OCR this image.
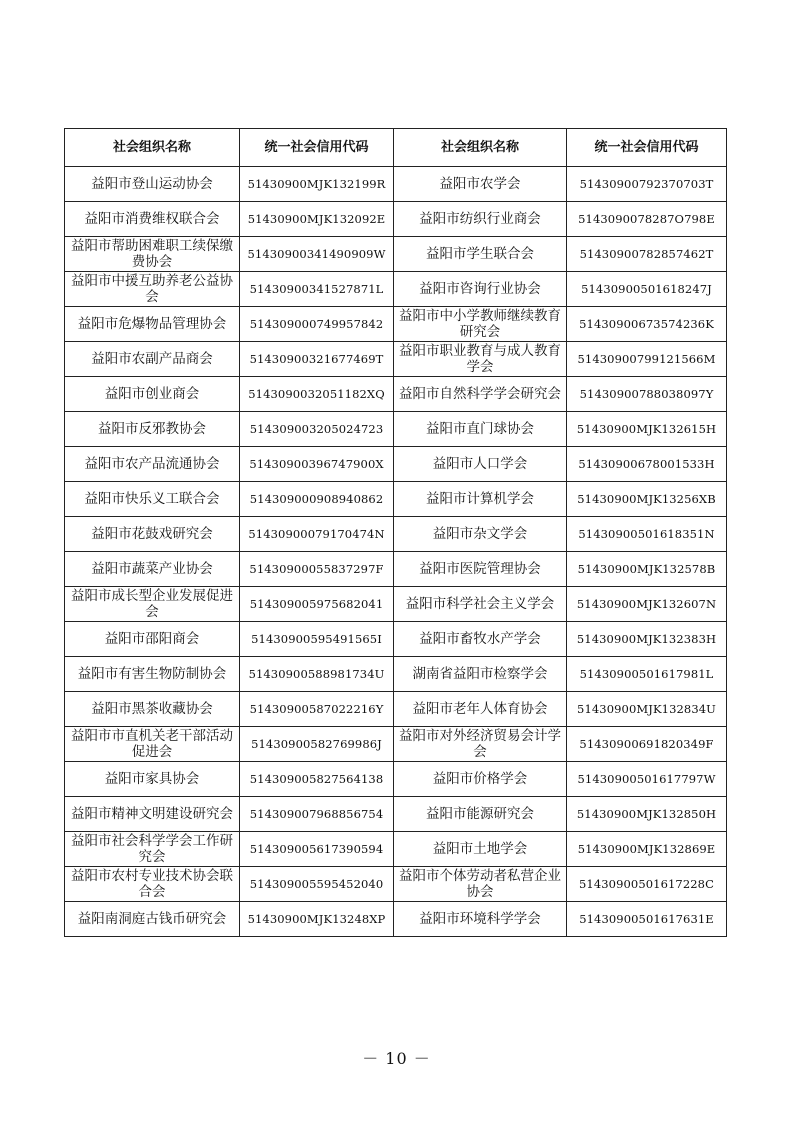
社会组织名称	统一社会信用代码	社会组织名称	统一社会信用代码
益阳市登山运动协会	51430900MJK132199R	益阳市农学会	51430900792370703T
益阳市消费维权联合会	51430900MJK132092E	益阳市纺织行业商会	5143090078287O798E
益阳市帮助困难职工续保缴费协会	51430900341490909W	益阳市学生联合会	51430900782857462T
益阳市中援互助养老公益协会	514309003415278​71L	益阳市咨询行业协会	51430900501618247J
益阳市危爆物品管理协会	51430900074995784​2	益阳市中小学教师继续教育研究会	51430900673574236K
益阳市农副产品商会	51430900321677469T	益阳市职业教育与成人教育学会	51430900799121566M
益阳市创业商会	5143090032051182XQ	益阳市自然科学学会研究会	51430900788038097Y
益阳市反邪教协会	514309003205024723	益阳市直门球协会	51430900MJK132615H
益阳市农产品流通协会	51430900396747900X	益阳市人口学会	51430900678001533H
益阳市快乐义工联合会	514309000908940862	益阳市计算机学会	51430900MJK13256XB
益阳市花鼓戏研究会	51430900079170474N	益阳市杂文学会	51430900501618351N
益阳市蔬菜产业协会	51430900055837297F	益阳市医院管理协会	51430900MJK132578B
益阳市成长型企业发展促进会	514309005975682041	益阳市科学社会主义学会	51430900MJK132607N
益阳市邵阳商会	51430900595491565I	益阳市畜牧水产学会	51430900MJK132383H
益阳市有害生物防制协会	51430900588981734U	湖南省益阳市检察学会	51430900501617981L
益阳市黑茶收藏协会	51430900587022216Y	益阳市老年人体育协会	51430900MJK132834U
益阳市市直机关老干部活动促进会	51430900582769986J	益阳市对外经济贸易会计学会	51430900691820349F
益阳市家具协会	514309005827564138	益阳市价格学会	51430900501617797W
益阳市精神文明建设研究会	514309007968856754	益阳市能源研究会	51430900MJK132850H
益阳市社会科学学会工作研究会	514309005617390594	益阳市土地学会	51430900MJK132869E
益阳市农村专业技术协会联合会	514309005595452040	益阳市个体劳动者私营企业协会	51430900501617228C
益阳南洞庭古钱币研究会	51430900MJK13248XP	益阳市环境科学学会	51430900501617631E
－ 10 －
